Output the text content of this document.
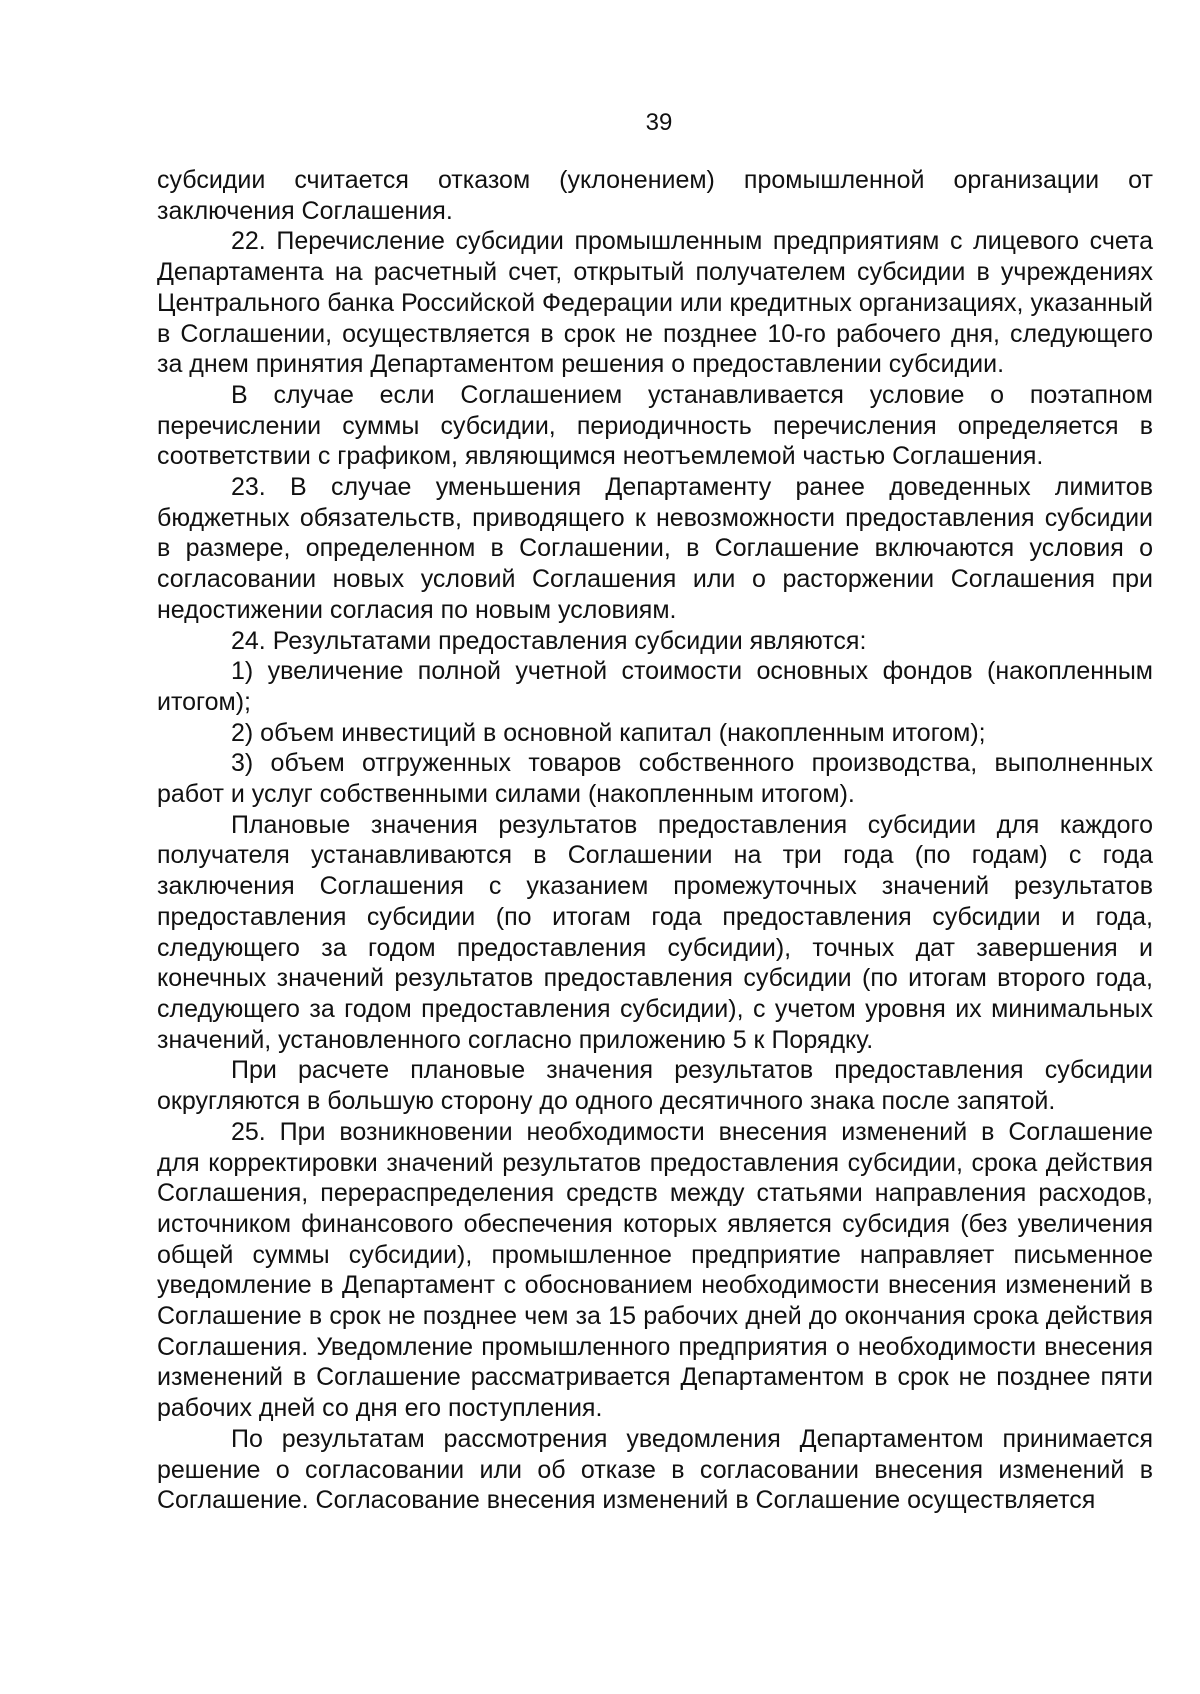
39

субсидии считается отказом (уклонением) промышленной организации от заключения Соглашения.

22. Перечисление субсидии промышленным предприятиям с лицевого счета Департамента на расчетный счет, открытый получателем субсидии в учреждениях Центрального банка Российской Федерации или кредитных организациях, указанный в Соглашении, осуществляется в срок не позднее 10-го рабочего дня, следующего за днем принятия Департаментом решения о предоставлении субсидии.

В случае если Соглашением устанавливается условие о поэтапном перечислении суммы субсидии, периодичность перечисления определяется в соответствии с графиком, являющимся неотъемлемой частью Соглашения.

23. В случае уменьшения Департаменту ранее доведенных лимитов бюджетных обязательств, приводящего к невозможности предоставления субсидии в размере, определенном в Соглашении, в Соглашение включаются условия о согласовании новых условий Соглашения или о расторжении Соглашения при недостижении согласия по новым условиям.

24. Результатами предоставления субсидии являются:

1) увеличение полной учетной стоимости основных фондов (накопленным итогом);

2) объем инвестиций в основной капитал (накопленным итогом);

3) объем отгруженных товаров собственного производства, выполненных работ и услуг собственными силами (накопленным итогом).

Плановые значения результатов предоставления субсидии для каждого получателя устанавливаются в Соглашении на три года (по годам) с года заключения Соглашения с указанием промежуточных значений результатов предоставления субсидии (по итогам года предоставления субсидии и года, следующего за годом предоставления субсидии), точных дат завершения и конечных значений результатов предоставления субсидии (по итогам второго года, следующего за годом предоставления субсидии), с учетом уровня их минимальных значений, установленного согласно приложению 5 к Порядку.

При расчете плановые значения результатов предоставления субсидии округляются в большую сторону до одного десятичного знака после запятой.

25. При возникновении необходимости внесения изменений в Соглашение для корректировки значений результатов предоставления субсидии, срока действия Соглашения, перераспределения средств между статьями направления расходов, источником финансового обеспечения которых является субсидия (без увеличения общей суммы субсидии), промышленное предприятие направляет письменное уведомление в Департамент с обоснованием необходимости внесения изменений в Соглашение в срок не позднее чем за 15 рабочих дней до окончания срока действия Соглашения. Уведомление промышленного предприятия о необходимости внесения изменений в Соглашение рассматривается Департаментом в срок не позднее пяти рабочих дней со дня его поступления.

По результатам рассмотрения уведомления Департаментом принимается решение о согласовании или об отказе в согласовании внесения изменений в Соглашение. Согласование внесения изменений в Соглашение осуществляется
